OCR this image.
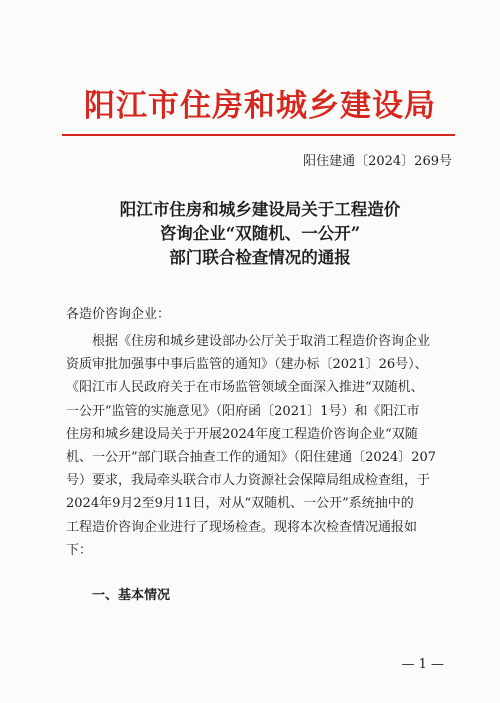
阳江市住房和城乡建设局
阳住建通〔2024〕269号
阳江市住房和城乡建设局关于工程造价
咨询企业“双随机、一公开”
部门联合检查情况的通报
各造价咨询企业：
根据《住房和城乡建设部办公厅关于取消工程造价咨询企业
资质审批加强事中事后监管的通知》（建办标〔2021〕26号）、
《阳江市人民政府关于在市场监管领域全面深入推进“双随机、
一公开”监管的实施意见》（阳府函〔2021〕1号）和《阳江市
住房和城乡建设局关于开展2024年度工程造价咨询企业“双随
机、一公开”部门联合抽查工作的通知》（阳住建通〔2024〕207
号）要求，我局牵头联合市人力资源社会保障局组成检查组，于
2024年9月2至9月11日，对从“双随机、一公开”系统抽中的
工程造价咨询企业进行了现场检查。现将本次检查情况通报如
下：
一、基本情况
— 1 —
